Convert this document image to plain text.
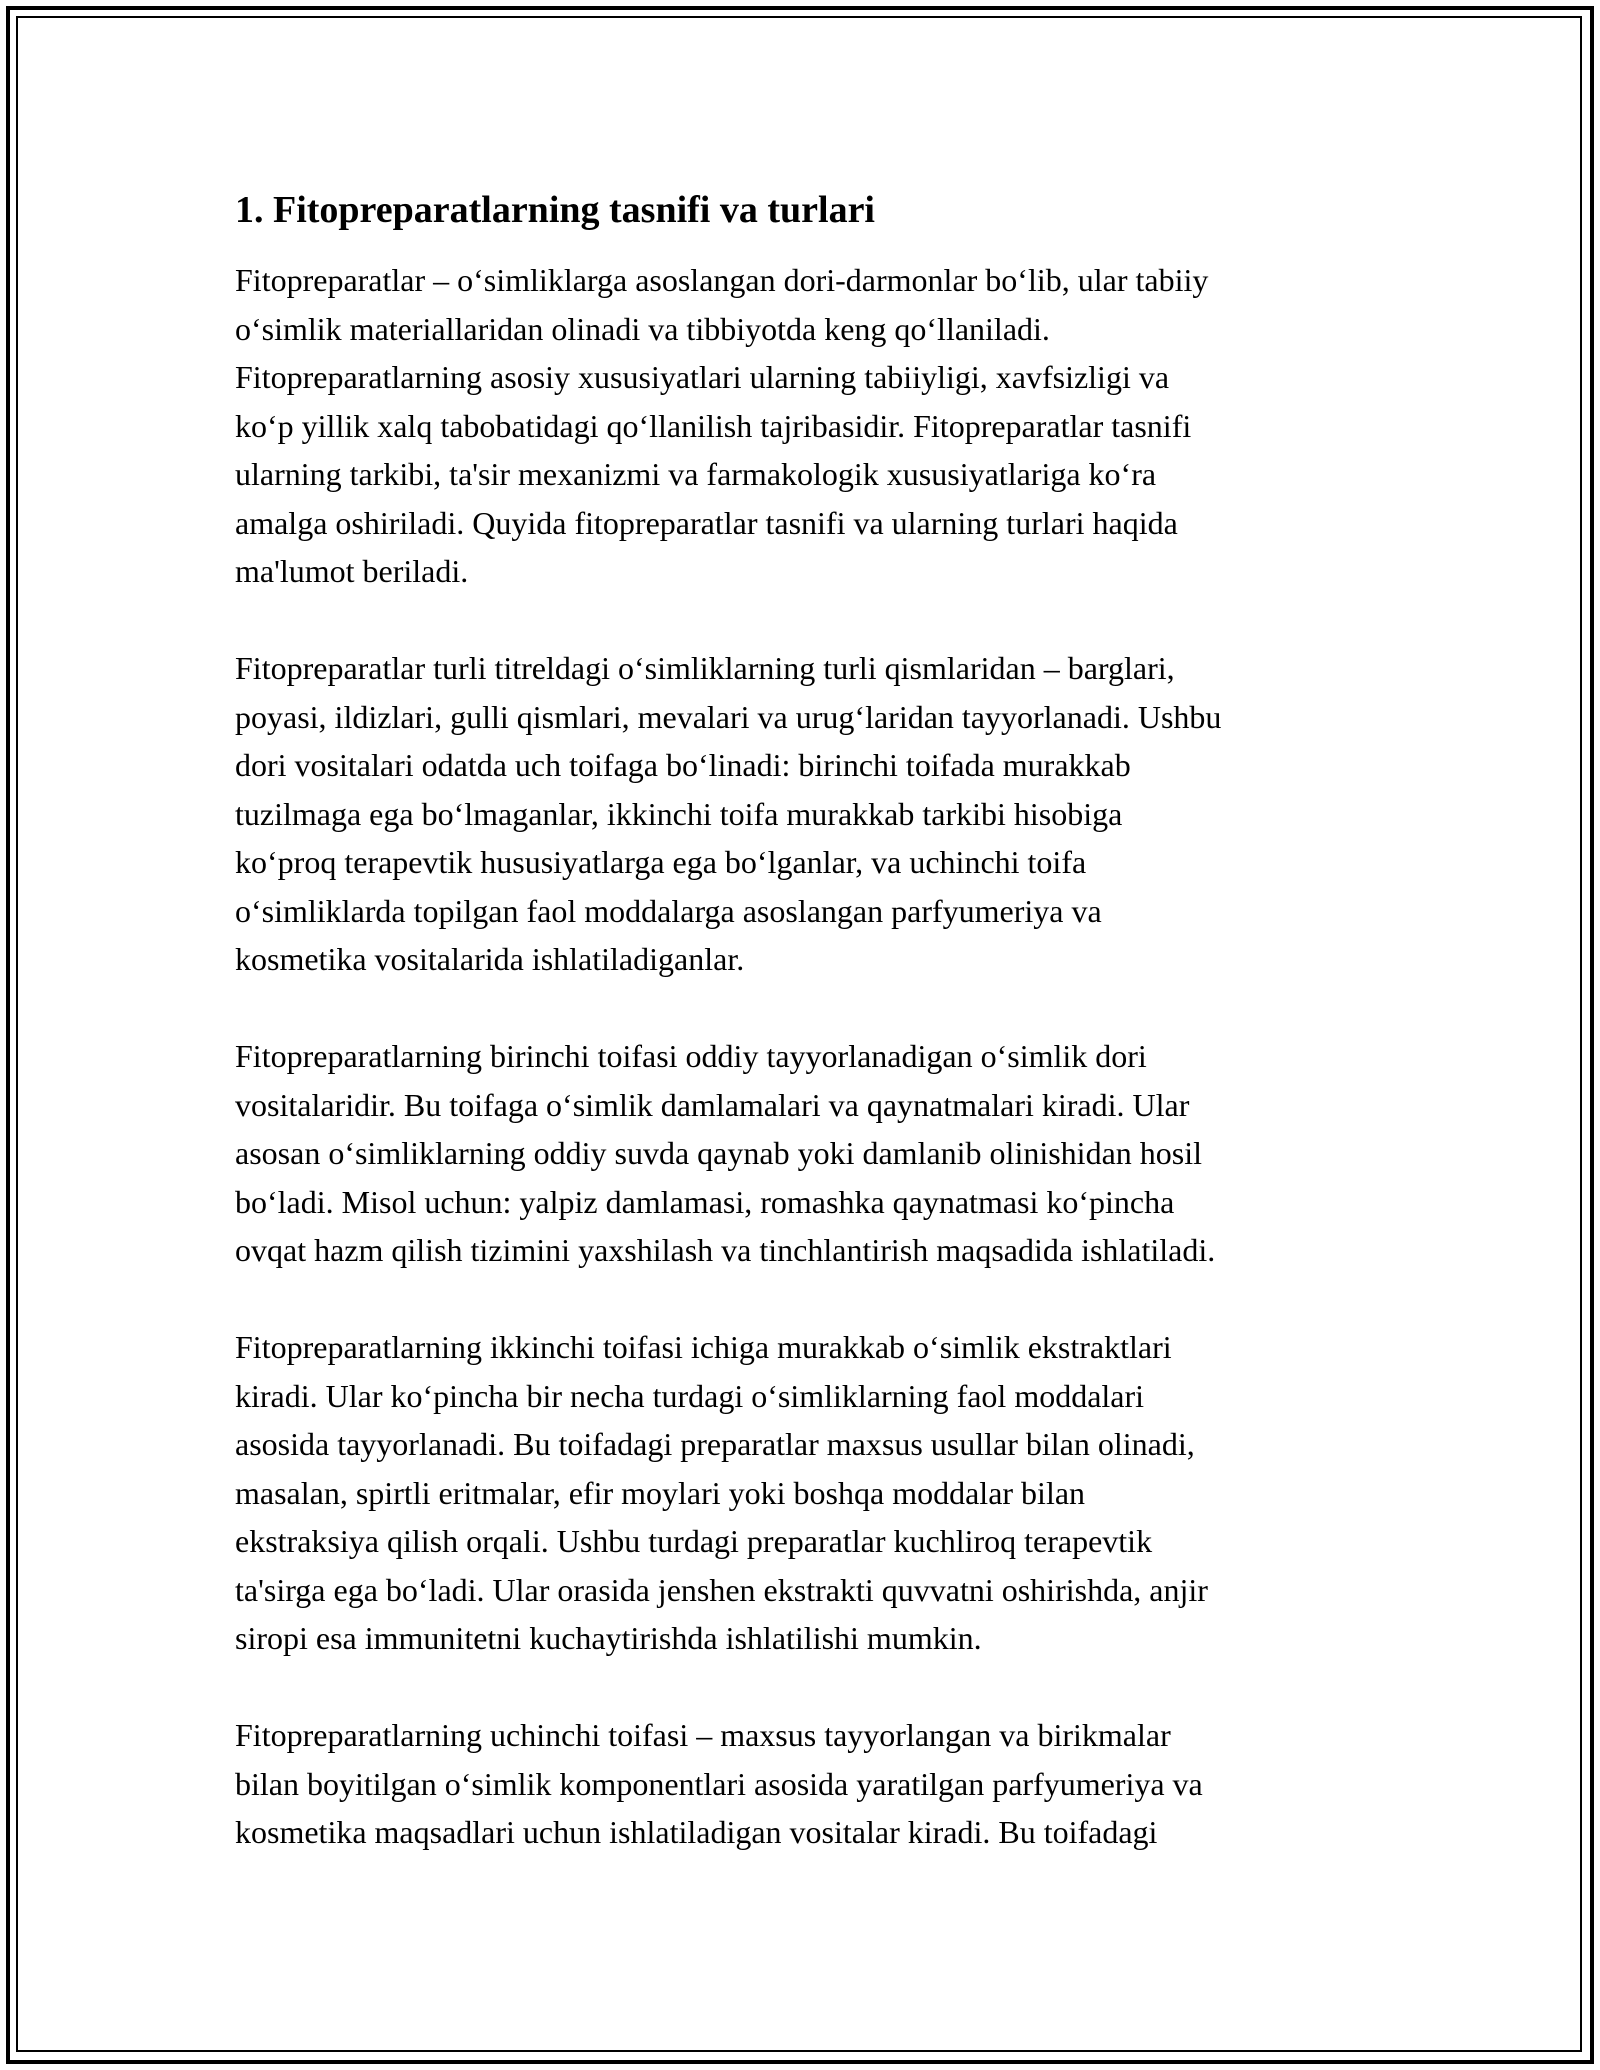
1. Fitopreparatlarning tasnifi va turlari

Fitopreparatlar – o‘simliklarga asoslangan dori-darmonlar bo‘lib, ular tabiiy
o‘simlik materiallaridan olinadi va tibbiyotda keng qo‘llaniladi.
Fitopreparatlarning asosiy xususiyatlari ularning tabiiyligi, xavfsizligi va
ko‘p yillik xalq tabobatidagi qo‘llanilish tajribasidir. Fitopreparatlar tasnifi
ularning tarkibi, ta'sir mexanizmi va farmakologik xususiyatlariga ko‘ra
amalga oshiriladi. Quyida fitopreparatlar tasnifi va ularning turlari haqida
ma'lumot beriladi.

Fitopreparatlar turli titreldagi o‘simliklarning turli qismlaridan – barglari,
poyasi, ildizlari, gulli qismlari, mevalari va urug‘laridan tayyorlanadi. Ushbu
dori vositalari odatda uch toifaga bo‘linadi: birinchi toifada murakkab
tuzilmaga ega bo‘lmaganlar, ikkinchi toifa murakkab tarkibi hisobiga
ko‘proq terapevtik hususiyatlarga ega bo‘lganlar, va uchinchi toifa
o‘simliklarda topilgan faol moddalarga asoslangan parfyumeriya va
kosmetika vositalarida ishlatiladiganlar.

Fitopreparatlarning birinchi toifasi oddiy tayyorlanadigan o‘simlik dori
vositalaridir. Bu toifaga o‘simlik damlamalari va qaynatmalari kiradi. Ular
asosan o‘simliklarning oddiy suvda qaynab yoki damlanib olinishidan hosil
bo‘ladi. Misol uchun: yalpiz damlamasi, romashka qaynatmasi ko‘pincha
ovqat hazm qilish tizimini yaxshilash va tinchlantirish maqsadida ishlatiladi.

Fitopreparatlarning ikkinchi toifasi ichiga murakkab o‘simlik ekstraktlari
kiradi. Ular ko‘pincha bir necha turdagi o‘simliklarning faol moddalari
asosida tayyorlanadi. Bu toifadagi preparatlar maxsus usullar bilan olinadi,
masalan, spirtli eritmalar, efir moylari yoki boshqa moddalar bilan
ekstraksiya qilish orqali. Ushbu turdagi preparatlar kuchliroq terapevtik
ta'sirga ega bo‘ladi. Ular orasida jenshen ekstrakti quvvatni oshirishda, anjir
siropi esa immunitetni kuchaytirishda ishlatilishi mumkin.

Fitopreparatlarning uchinchi toifasi – maxsus tayyorlangan va birikmalar
bilan boyitilgan o‘simlik komponentlari asosida yaratilgan parfyumeriya va
kosmetika maqsadlari uchun ishlatiladigan vositalar kiradi. Bu toifadagi
